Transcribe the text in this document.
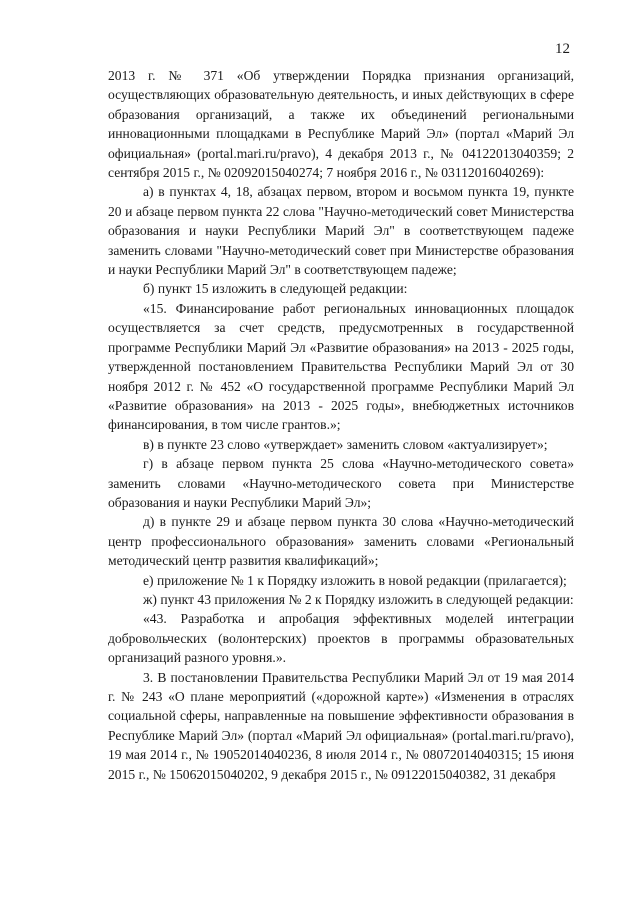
12

2013 г. № 371 «Об утверждении Порядка признания организаций, осуществляющих образовательную деятельность, и иных действующих в сфере образования организаций, а также их объединений региональными инновационными площадками в Республике Марий Эл» (портал «Марий Эл официальная» (portal.mari.ru/pravo), 4 декабря 2013 г., № 04122013040359; 2 сентября 2015 г., № 02092015040274; 7 ноября 2016 г., № 03112016040269):

а) в пунктах 4, 18, абзацах первом, втором и восьмом пункта 19, пункте 20 и абзаце первом пункта 22 слова "Научно-методический совет Министерства образования и науки Республики Марий Эл" в соответствующем падеже заменить словами "Научно-методический совет при Министерстве образования и науки Республики Марий Эл" в соответствующем падеже;

б) пункт 15 изложить в следующей редакции:

«15. Финансирование работ региональных инновационных площадок осуществляется за счет средств, предусмотренных в государственной программе Республики Марий Эл «Развитие образования» на 2013 - 2025 годы, утвержденной постановлением Правительства Республики Марий Эл от 30 ноября 2012 г. № 452 «О государственной программе Республики Марий Эл «Развитие образования» на 2013 - 2025 годы», внебюджетных источников финансирования, в том числе грантов.»;

в) в пункте 23 слово «утверждает» заменить словом «актуализирует»;

г) в абзаце первом пункта 25 слова «Научно-методического совета» заменить словами «Научно-методического совета при Министерстве образования и науки Республики Марий Эл»;

д) в пункте 29 и абзаце первом пункта 30 слова «Научно-методический центр профессионального образования» заменить словами «Региональный методический центр развития квалификаций»;

е) приложение № 1 к Порядку изложить в новой редакции (прилагается);

ж) пункт 43 приложения № 2 к Порядку изложить в следующей редакции:

«43. Разработка и апробация эффективных моделей интеграции добровольческих (волонтерских) проектов в программы образовательных организаций разного уровня.».

3. В постановлении Правительства Республики Марий Эл от 19 мая 2014 г. № 243 «О плане мероприятий («дорожной карте») «Изменения в отраслях социальной сферы, направленные на повышение эффективности образования в Республике Марий Эл» (портал «Марий Эл официальная» (portal.mari.ru/pravo), 19 мая 2014 г., № 19052014040236, 8 июля 2014 г., № 08072014040315; 15 июня 2015 г., № 15062015040202, 9 декабря 2015 г., № 09122015040382, 31 декабря
